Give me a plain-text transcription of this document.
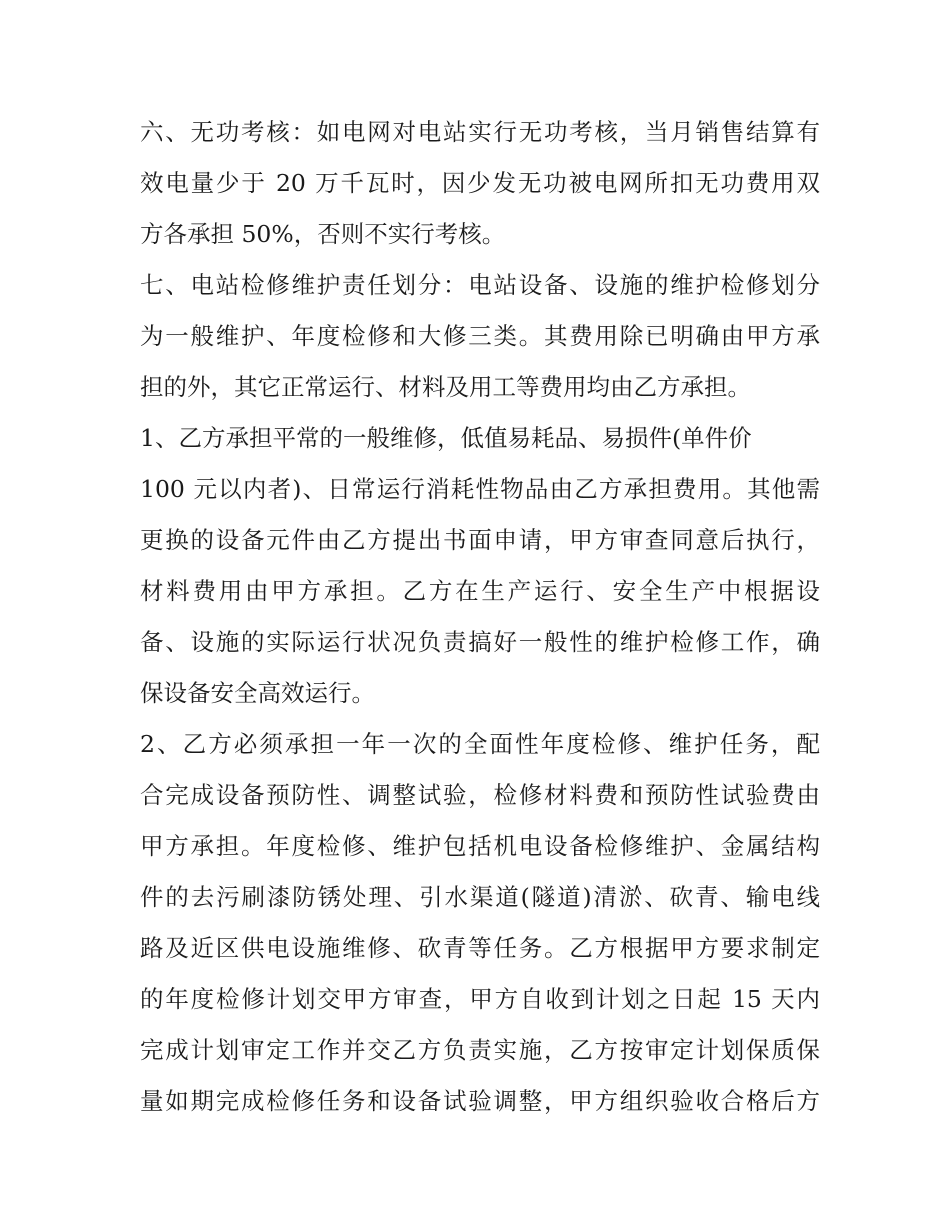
六、无功考核：如电网对电站实行无功考核，当月销售结算有
效电量少于 20 万千瓦时，因少发无功被电网所扣无功费用双
方各承担 50%，否则不实行考核。
七、电站检修维护责任划分：电站设备、设施的维护检修划分
为一般维护、年度检修和大修三类。其费用除已明确由甲方承
担的外，其它正常运行、材料及用工等费用均由乙方承担。
1、乙方承担平常的一般维修，低值易耗品、易损件(单件价
100 元以内者)、日常运行消耗性物品由乙方承担费用。其他需
更换的设备元件由乙方提出书面申请，甲方审查同意后执行，
材料费用由甲方承担。乙方在生产运行、安全生产中根据设
备、设施的实际运行状况负责搞好一般性的维护检修工作，确
保设备安全高效运行。
2、乙方必须承担一年一次的全面性年度检修、维护任务，配
合完成设备预防性、调整试验，检修材料费和预防性试验费由
甲方承担。年度检修、维护包括机电设备检修维护、金属结构
件的去污刷漆防锈处理、引水渠道(隧道)清淤、砍青、输电线
路及近区供电设施维修、砍青等任务。乙方根据甲方要求制定
的年度检修计划交甲方审查，甲方自收到计划之日起 15 天内
完成计划审定工作并交乙方负责实施，乙方按审定计划保质保
量如期完成检修任务和设备试验调整，甲方组织验收合格后方
